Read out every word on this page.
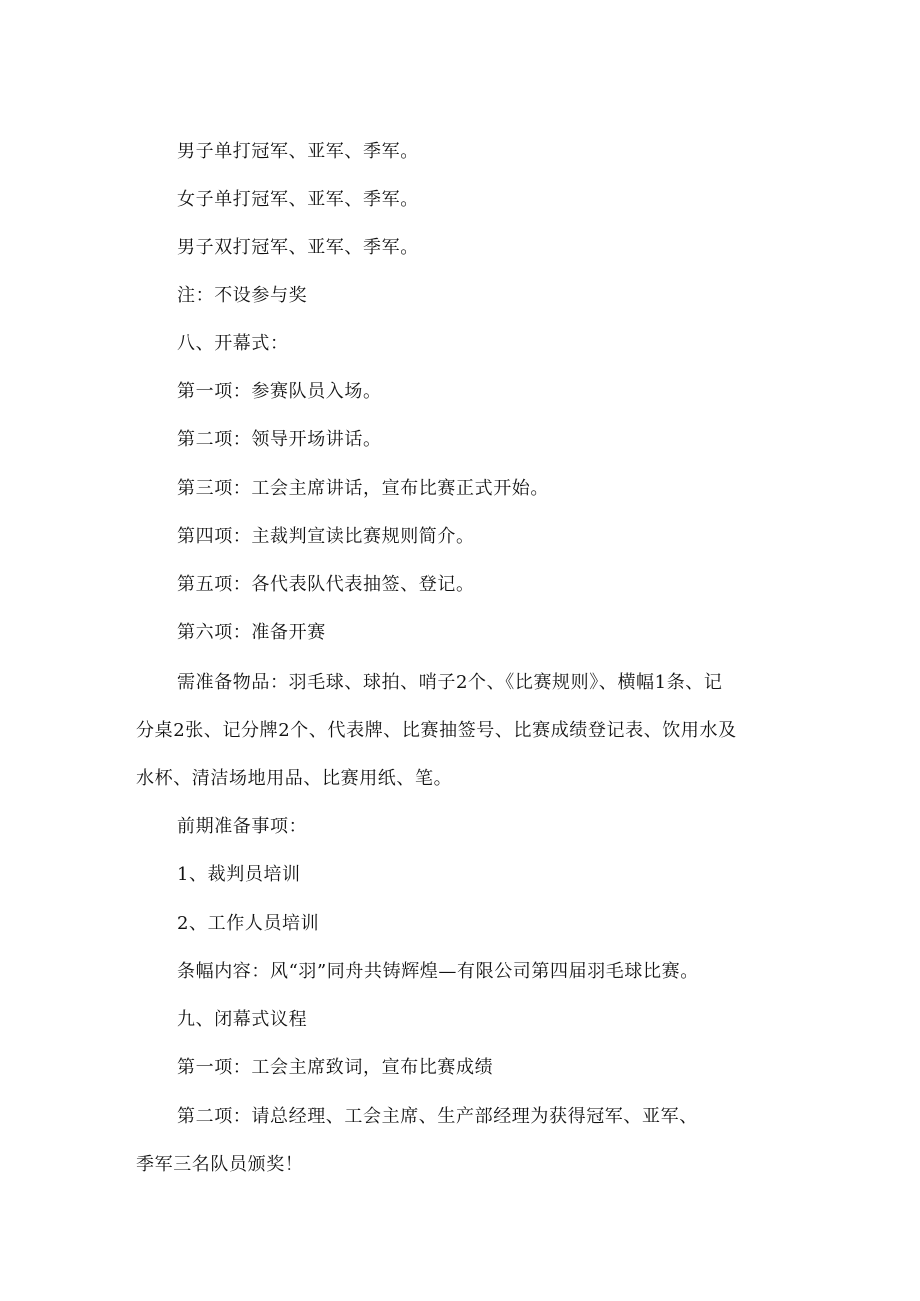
男子单打冠军、亚军、季军。

女子单打冠军、亚军、季军。

男子双打冠军、亚军、季军。

注：不设参与奖

八、开幕式：

第一项：参赛队员入场。

第二项：领导开场讲话。

第三项：工会主席讲话，宣布比赛正式开始。

第四项：主裁判宣读比赛规则简介。

第五项：各代表队代表抽签、登记。

第六项：准备开赛

需准备物品：羽毛球、球拍、哨子2个、《比赛规则》、横幅1条、记

分桌2张、记分牌2个、代表牌、比赛抽签号、比赛成绩登记表、饮用水及

水杯、清洁场地用品、比赛用纸、笔。

前期准备事项：

1、裁判员培训

2、工作人员培训

条幅内容：风“羽”同舟共铸辉煌—有限公司第四届羽毛球比赛。

九、闭幕式议程

第一项：工会主席致词，宣布比赛成绩

第二项：请总经理、工会主席、生产部经理为获得冠军、亚军、

季军三名队员颁奖！
